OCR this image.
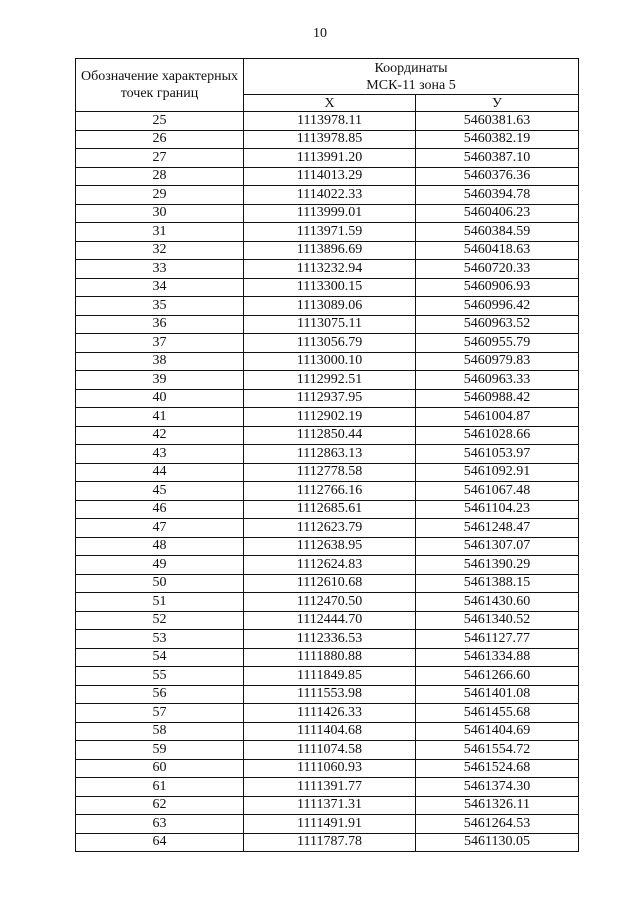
10
Обозначение характерных точек границ	Координаты
МСК-11 зона 5	

	X	У
25	1113978.11	5460381.63
26	1113978.85	5460382.19
27	1113991.20	5460387.10
28	1114013.29	5460376.36
29	1114022.33	5460394.78
30	1113999.01	5460406.23
31	1113971.59	5460384.59
32	1113896.69	5460418.63
33	1113232.94	5460720.33
34	1113300.15	5460906.93
35	1113089.06	5460996.42
36	1113075.11	5460963.52
37	1113056.79	5460955.79
38	1113000.10	5460979.83
39	1112992.51	5460963.33
40	1112937.95	5460988.42
41	1112902.19	5461004.87
42	1112850.44	5461028.66
43	1112863.13	5461053.97
44	1112778.58	5461092.91
45	1112766.16	5461067.48
46	1112685.61	5461104.23
47	1112623.79	5461248.47
48	1112638.95	5461307.07
49	1112624.83	5461390.29
50	1112610.68	5461388.15
51	1112470.50	5461430.60
52	1112444.70	5461340.52
53	1112336.53	5461127.77
54	1111880.88	5461334.88
55	1111849.85	5461266.60
56	1111553.98	5461401.08
57	1111426.33	5461455.68
58	1111404.68	5461404.69
59	1111074.58	5461554.72
60	1111060.93	5461524.68
61	1111391.77	5461374.30
62	1111371.31	5461326.11
63	1111491.91	5461264.53
64	1111787.78	5461130.05
